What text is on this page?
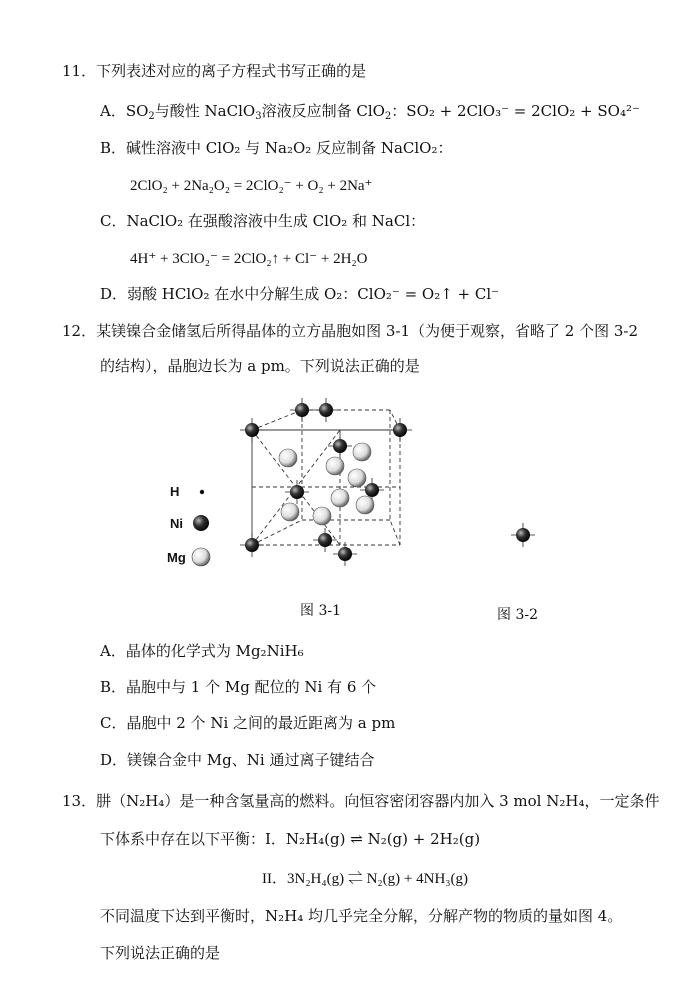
11．下列表述对应的离子方程式书写正确的是
A．$SO_2$与酸性 NaClO$_3$溶液反应制备 ClO$_2$：SO₂ + 2ClO₃⁻ = 2ClO₂ + SO₄²⁻
B．碱性溶液中 ClO₂ 与 Na₂O₂ 反应制备 NaClO₂：
2ClO₂ + 2Na₂O₂ = 2ClO₂⁻ + O₂ + 2Na⁺
C．NaClO₂ 在强酸溶液中生成 ClO₂ 和 NaCl：
4H⁺ + 3ClO₂⁻ = 2ClO₂↑ + Cl⁻ + 2H₂O
D．弱酸 HClO₂ 在水中分解生成 O₂：ClO₂⁻ = O₂↑ + Cl⁻
12．某镁镍合金储氢后所得晶体的立方晶胞如图 3-1（为便于观察，省略了 2 个图 3-2
的结构），晶胞边长为 a pm。下列说法正确的是
H
Ni
Mg
图 3-1	图 3-2
A．晶体的化学式为 Mg₂NiH₆
B．晶胞中与 1 个 Mg 配位的 Ni 有 6 个
C．晶胞中 2 个 Ni 之间的最近距离为 a pm
D．镁镍合金中 Mg、Ni 通过离子键结合
13．肼（N₂H₄）是一种含氢量高的燃料。向恒容密闭容器内加入 3 mol N₂H₄，一定条件
下体系中存在以下平衡：I．N₂H₄(g) ⇌ N₂(g) + 2H₂(g)
II．3N₂H₄(g) ⇌ N₂(g) + 4NH₃(g)
不同温度下达到平衡时，N₂H₄ 均几乎完全分解，分解产物的物质的量如图 4。
下列说法正确的是
